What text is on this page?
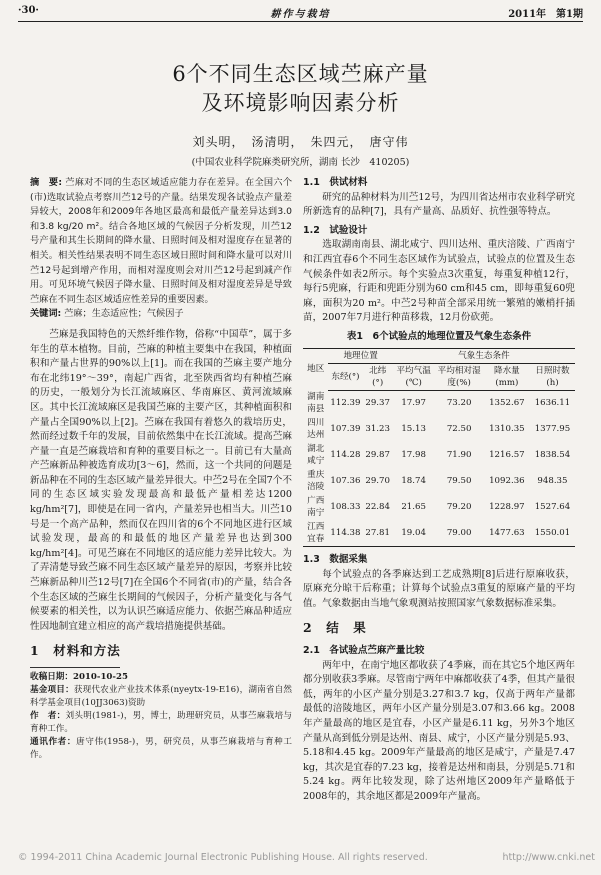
·30·	耕作与栽培	2011年　第1期
6个不同生态区域苎麻产量
及环境影响因素分析
刘头明，　汤清明，　朱四元，　唐守伟
(中国农业科学院麻类研究所，湖南 长沙　410205)

摘　要: 苎麻对不同的生态区域适应能力存在差异。在全国六个(市)选取试验点考察川苎12号的产量。结果发现各试验点产量差异较大，2008年和2009年各地区最高和最低产量差异达到3.0和3.8 kg/20 m²。结合各地区域的气候因子分析发现，川苎12号产量和其生长期间的降水量、日照时间及相对湿度存在显著的相关。相关性结果表明不同生态区域日照时间和降水量可以对川苎12号起到增产作用，而相对湿度则会对川苎12号起到减产作用。可见环境气候因子降水量、日照时间及相对湿度差异是导致苎麻在不同生态区域适应性差异的重要因素。

关键词: 苎麻；生态适应性；气候因子

苎麻是我国特色的天然纤维作物，俗称“中国草”，属于多年生的草本植物。目前，苎麻的种植主要集中在我国，种植面积和产量占世界的90%以上[1]。而在我国的苎麻主要产地分布在北纬19°～39°，南起广西省，北至陕西省均有种植苎麻的历史，一般划分为长江流域麻区、华南麻区、黄河流域麻区。其中长江流域麻区是我国苎麻的主要产区，其种植面积和产量占全国90%以上[2]。苎麻在我国有着悠久的栽培历史，然而经过数千年的发展，目前依然集中在长江流域。提高苎麻产量一直是苎麻栽培和育种的重要目标之一。目前已有大量高产苎麻新品种被选育成功[3～6]，然而，这一个共同的问题是新品种在不同的生态区域产量差异很大。中苎2号在全国7个不同的生态区域实验发现最高和最低产量相差达1200 kg/hm²[7]，即使是在同一省内，产量差异也相当大。川苎10号是一个高产品种，然而仅在四川省的6个不同地区进行区域试验发现，最高的和最低的地区产量差异也达到300 kg/hm²[4]。可见苎麻在不同地区的适应能力差异比较大。为了弄清楚导致苎麻不同生态区域产量差异的原因，考察并比较苎麻新品种川苎12号[7]在全国6个不同省(市)的产量，结合各个生态区域的苎麻生长期间的气候因子，分析产量变化与各气候要素的相关性，以为认识苎麻适应能力、依据苎麻品种适应性因地制宜建立相应的高产栽培措施提供基础。

1　材料和方法

收稿日期：2010-10-25

基金项目：获现代农业产业技术体系(nyeytx-19-E16)，湖南省自然科学基金项目(10JJ3063)资助

作　者：刘头明(1981-)，男，博士，助理研究员，从事苎麻栽培与育种工作。

通讯作者：唐守伟(1958-)，男，研究员，从事苎麻栽培与育种工作。

1.1　供试材料

研究的品种材料为川苎12号，为四川省达州市农业科学研究所新选育的品种[7]，具有产量高、品质好、抗性强等特点。

1.2　试验设计

选取湖南南县、湖北咸宁、四川达州、重庆涪陵、广西南宁和江西宜春6个不同生态区域作为试验点，试验点的位置及生态气候条件如表2所示。每个实验点3次重复，每重复种植12行，每行5兜麻，行距和兜距分别为60 cm和45 cm，即每重复60兜麻，面积为20 m²。中苎2号种苗全部采用统一繁殖的嫩梢扦插苗，2007年7月进行种苗移栽，12月份砍蔸。

表1　6个试验点的地理位置及气象生态条件
地区	地理位置		气象生态条件			
	东经(°)	北纬(°)	平均气温(℃)	平均相对湿度(%)	降水量(mm)	日照时数(h)
湖南南县	112.39	29.37	17.97	73.20	1352.67	1636.11
四川达州	107.39	31.23	15.13	72.50	1310.35	1377.95
湖北咸宁	114.28	29.87	17.98	71.90	1216.57	1838.54
重庆涪陵	107.36	29.70	18.74	79.50	1092.36	948.35
广西南宁	108.33	22.84	21.65	79.20	1228.97	1527.64
江西宜春	114.38	27.81	19.04	79.00	1477.63	1550.01

1.3　数据采集

每个试验点的各季麻达到工艺成熟期[8]后进行原麻收获，原麻充分晾干后称重；计算每个试验点3重复的原麻产量的平均值。气象数据由当地气象观测站按照国家气象数据标准采集。

2　结　果

2.1　各试验点苎麻产量比较

两年中，在南宁地区都收获了4季麻，而在其它5个地区两年都分别收获3季麻。尽管南宁两年中麻都收获了4季，但其产量很低，两年的小区产量分别是3.27和3.7 kg，仅高于两年产量都最低的涪陵地区，两年小区产量分别是3.07和3.66 kg。2008年产量最高的地区是宜春，小区产量是6.11 kg，另外3个地区产量从高到低分别是达州、南县、咸宁，小区产量分别是5.93、5.18和4.45 kg。2009年产量最高的地区是咸宁，产量是7.47 kg，其次是宜春的7.23 kg，接着是达州和南县，分别是5.71和5.24 kg。两年比较发现，除了达州地区2009年产量略低于2008年的，其余地区都是2009年产量高。

© 1994-2011 China Academic Journal Electronic Publishing House. All rights reserved.	http://www.cnki.net
